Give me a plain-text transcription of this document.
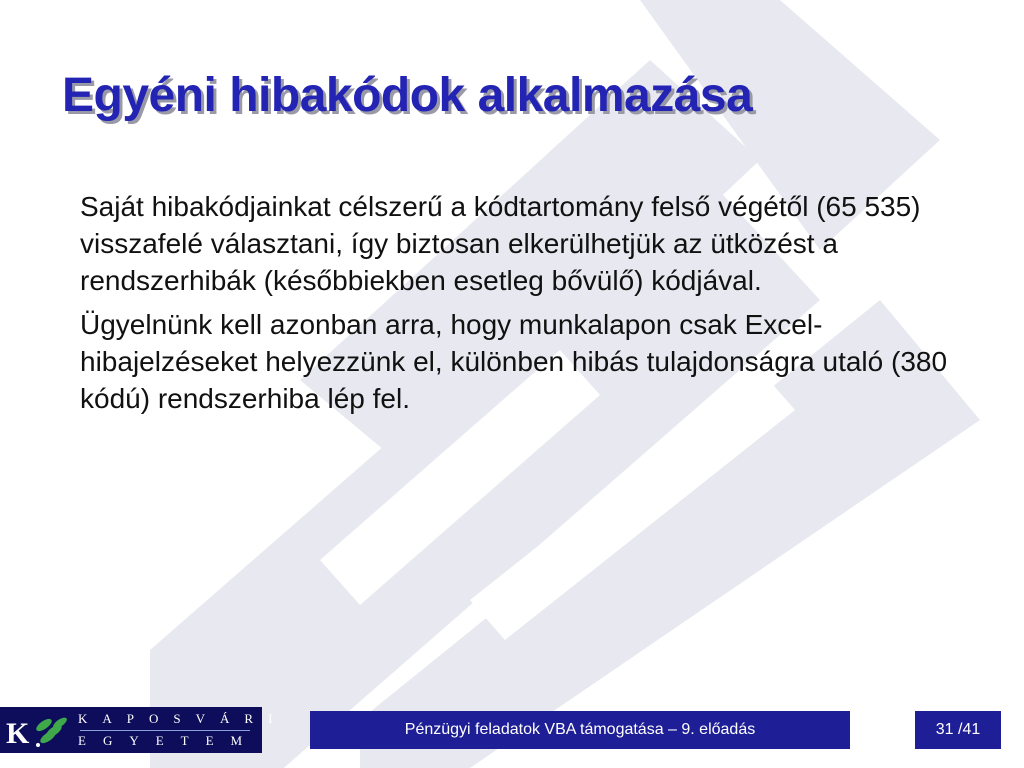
Egyéni hibakódok alkalmazása

Saját hibakódjainkat célszerű a kódtartomány felső végétől (65 535) visszafelé választani, így biztosan elkerülhetjük az ütközést a rendszerhibák (későbbiekben esetleg bővülő) kódjával.

Ügyelnünk kell azonban arra, hogy munkalapon csak Excel-hibajelzéseket helyezzünk el, különben hibás tulajdonságra utaló (380 kódú) rendszerhiba lép fel.

K	KAPOSVÁRI
EGYETEM
Pénzügyi feladatok VBA támogatása – 9. előadás	31 /41
